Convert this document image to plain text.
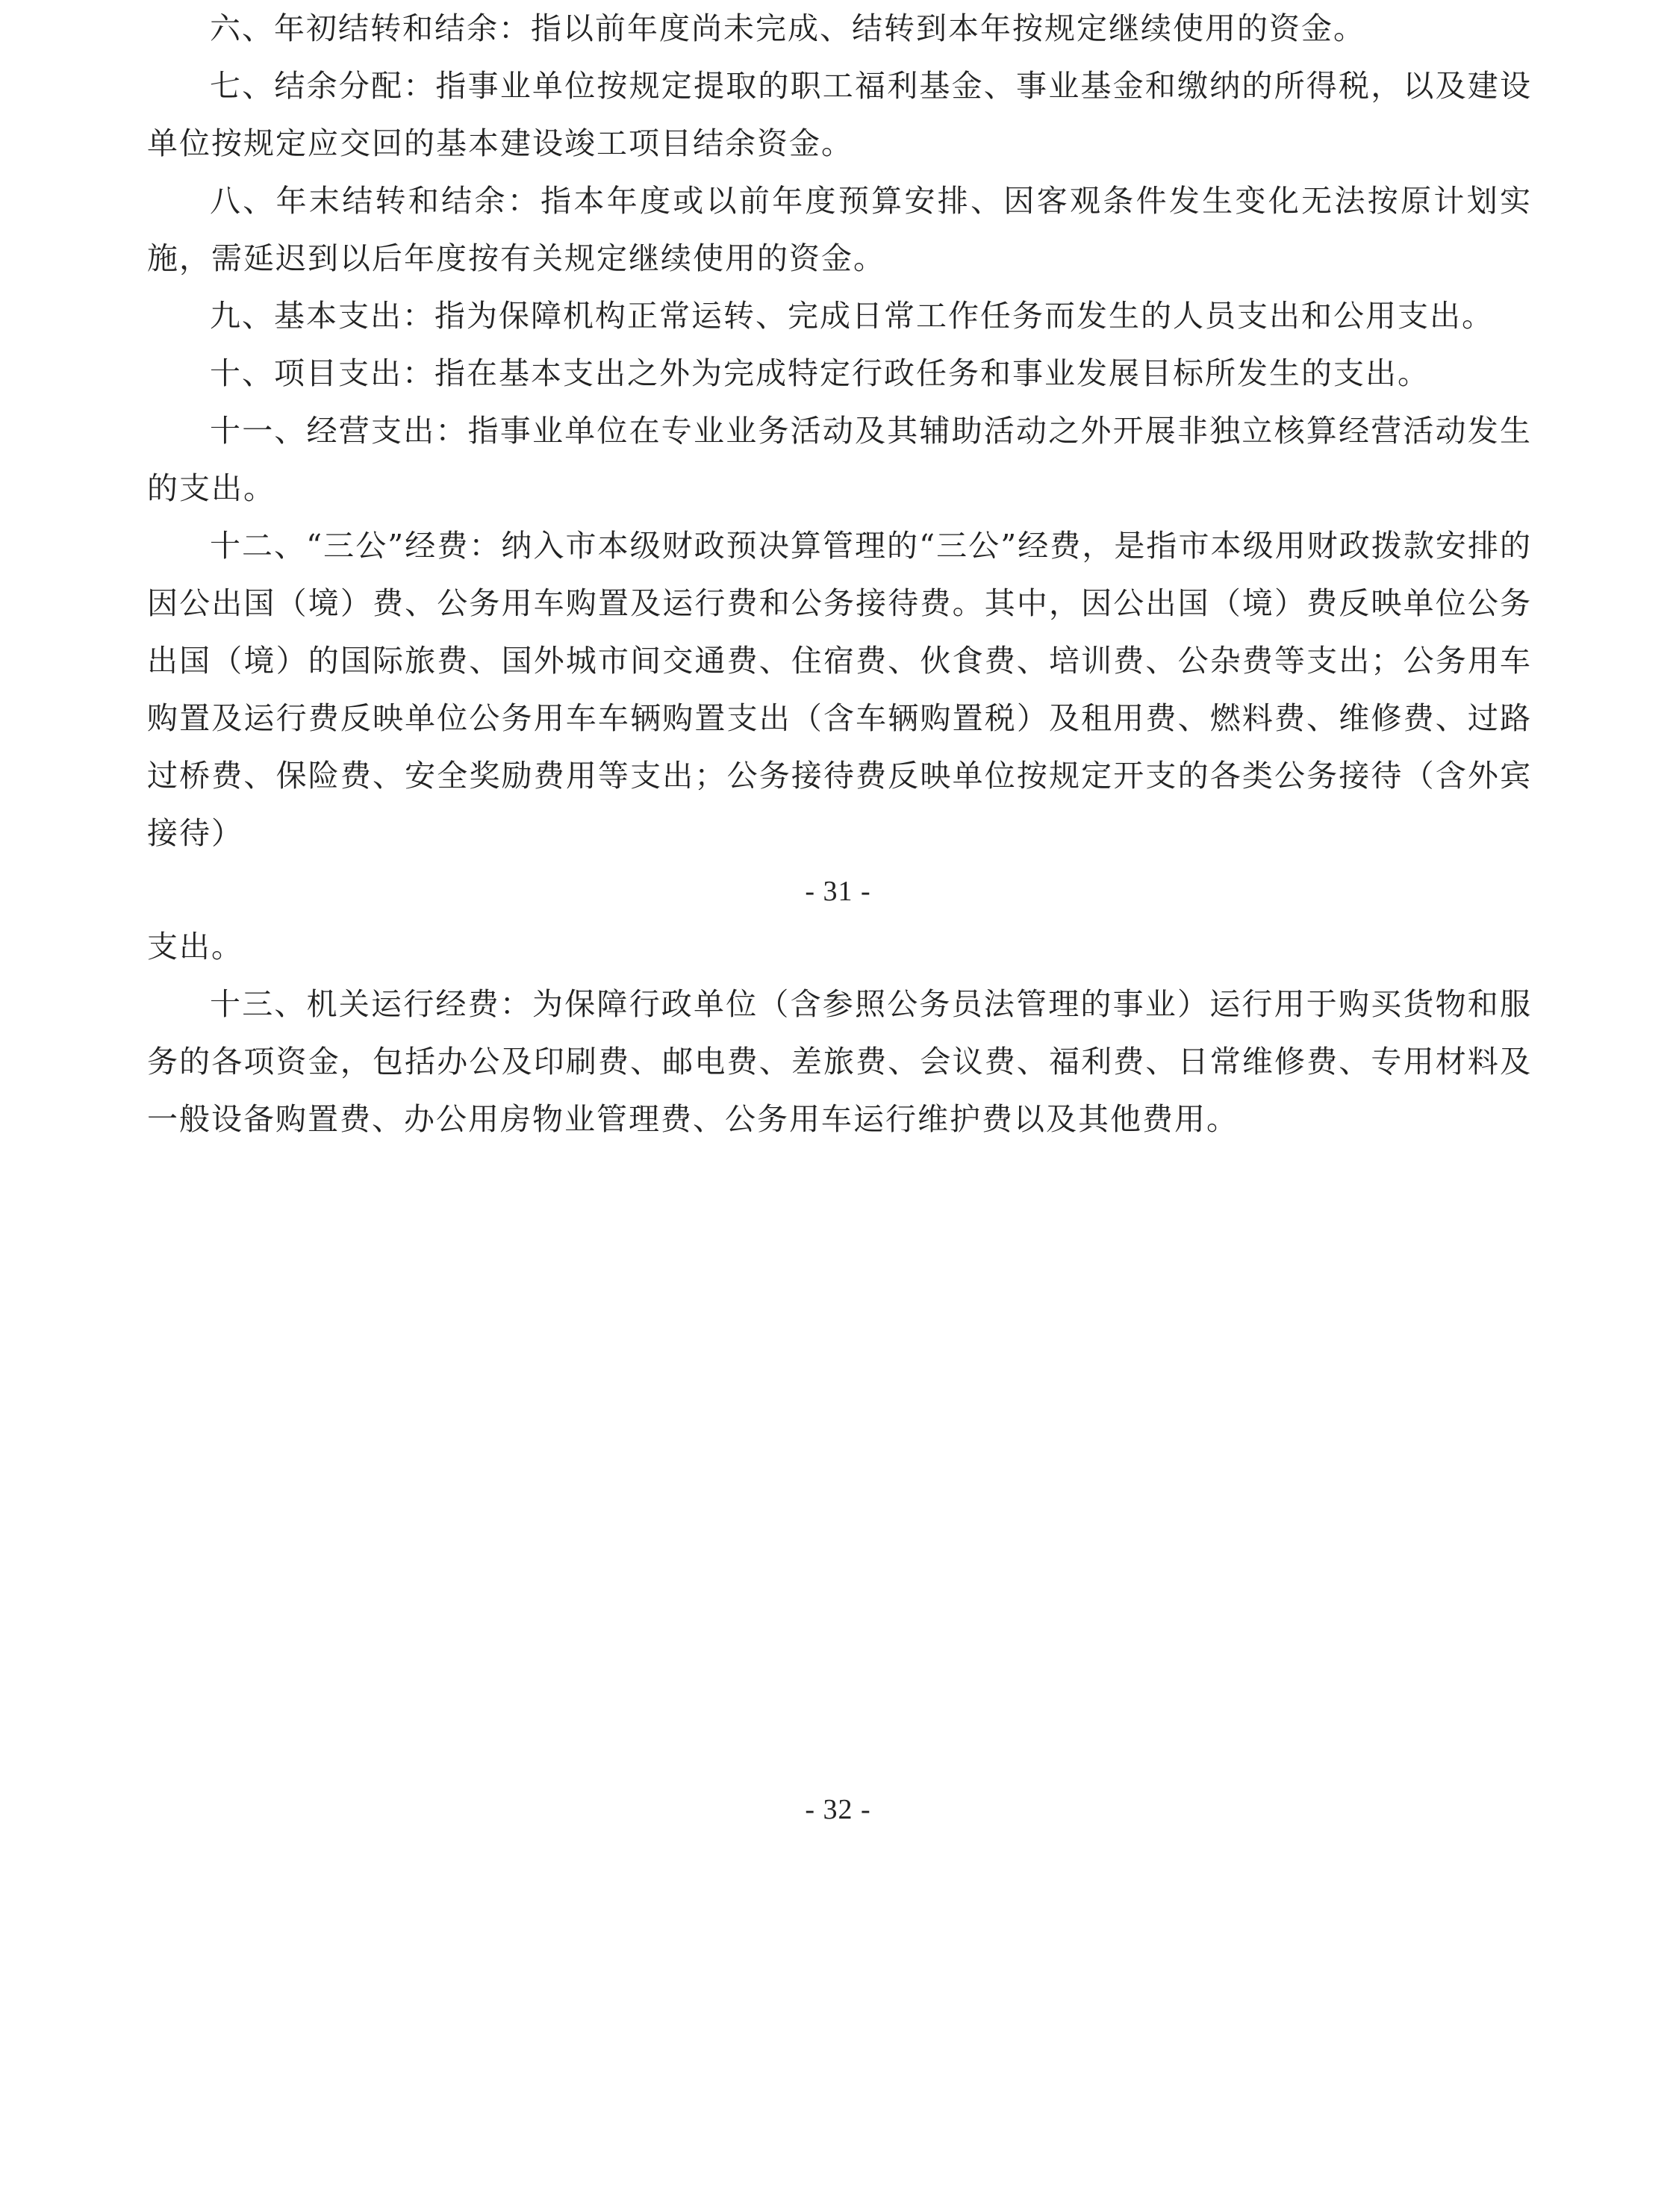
六、年初结转和结余：指以前年度尚未完成、结转到本年按规定继续使用的资金。

七、结余分配：指事业单位按规定提取的职工福利基金、事业基金和缴纳的所得税，以及建设单位按规定应交回的基本建设竣工项目结余资金。

八、年末结转和结余：指本年度或以前年度预算安排、因客观条件发生变化无法按原计划实施，需延迟到以后年度按有关规定继续使用的资金。

九、基本支出：指为保障机构正常运转、完成日常工作任务而发生的人员支出和公用支出。

十、项目支出：指在基本支出之外为完成特定行政任务和事业发展目标所发生的支出。

十一、经营支出：指事业单位在专业业务活动及其辅助活动之外开展非独立核算经营活动发生的支出。

十二、“三公”经费：纳入市本级财政预决算管理的“三公”经费，是指市本级用财政拨款安排的因公出国（境）费、公务用车购置及运行费和公务接待费。其中，因公出国（境）费反映单位公务出国（境）的国际旅费、国外城市间交通费、住宿费、伙食费、培训费、公杂费等支出；公务用车购置及运行费反映单位公务用车车辆购置支出（含车辆购置税）及租用费、燃料费、维修费、过路过桥费、保险费、安全奖励费用等支出；公务接待费反映单位按规定开支的各类公务接待（含外宾接待）

- 31 -

支出。

十三、机关运行经费：为保障行政单位（含参照公务员法管理的事业）运行用于购买货物和服务的各项资金，包括办公及印刷费、邮电费、差旅费、会议费、福利费、日常维修费、专用材料及一般设备购置费、办公用房物业管理费、公务用车运行维护费以及其他费用。

- 32 -
